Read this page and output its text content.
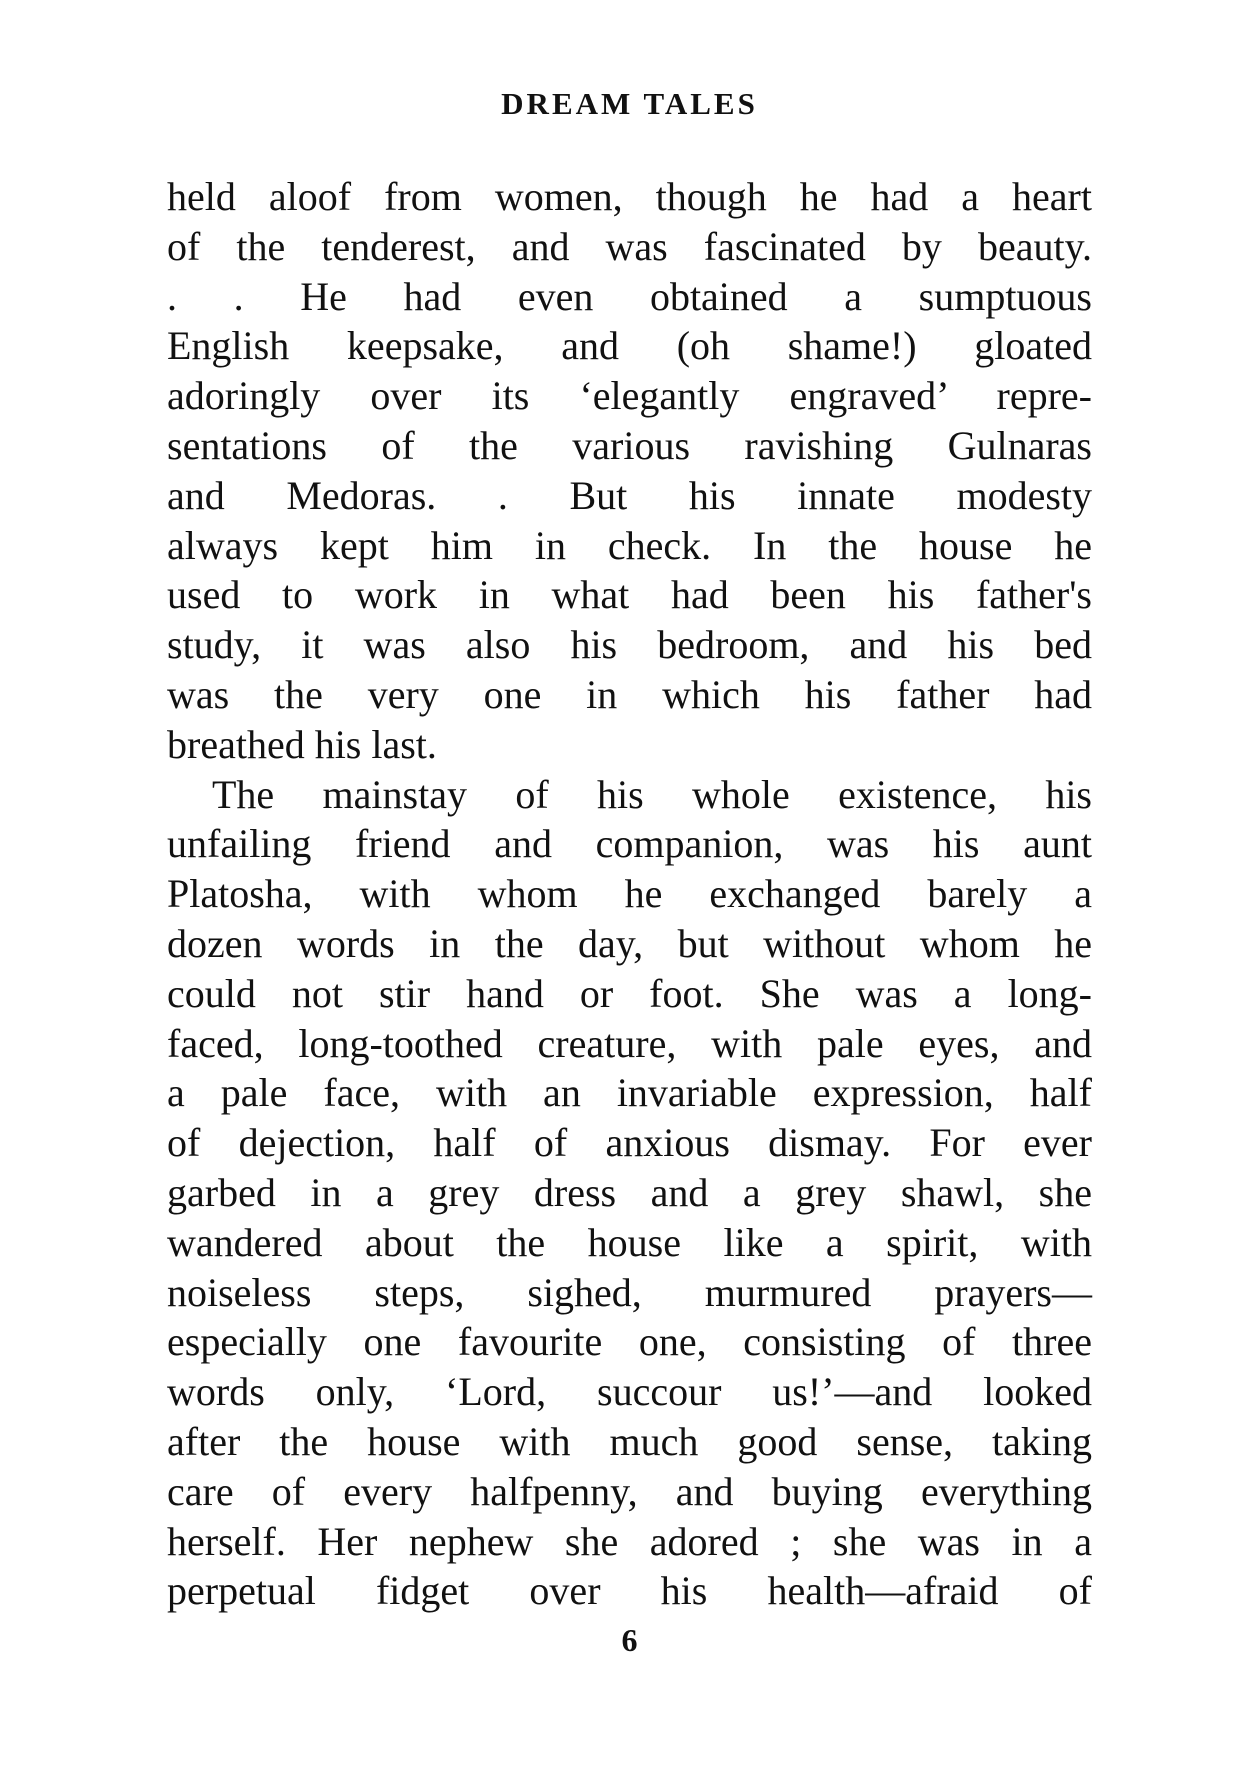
DREAM TALES
held aloof from women, though he had a heart
of the tenderest, and was fascinated by beauty.
. . He had even obtained a sumptuous
English keepsake, and (oh shame!) gloated
adoringly over its ‘elegantly engraved’ repre-
sentations of the various ravishing Gulnaras
and Medoras. . But his innate modesty
always kept him in check. In the house he
used to work in what had been his father's
study, it was also his bedroom, and his bed
was the very one in which his father had
breathed his last.
The mainstay of his whole existence, his
unfailing friend and companion, was his aunt
Platosha, with whom he exchanged barely a
dozen words in the day, but without whom he
could not stir hand or foot. She was a long-
faced, long-toothed creature, with pale eyes, and
a pale face, with an invariable expression, half
of dejection, half of anxious dismay. For ever
garbed in a grey dress and a grey shawl, she
wandered about the house like a spirit, with
noiseless steps, sighed, murmured prayers—
especially one favourite one, consisting of three
words only, ‘Lord, succour us!’—and looked
after the house with much good sense, taking
care of every halfpenny, and buying everything
herself. Her nephew she adored ; she was in a
perpetual fidget over his health—afraid of
6
